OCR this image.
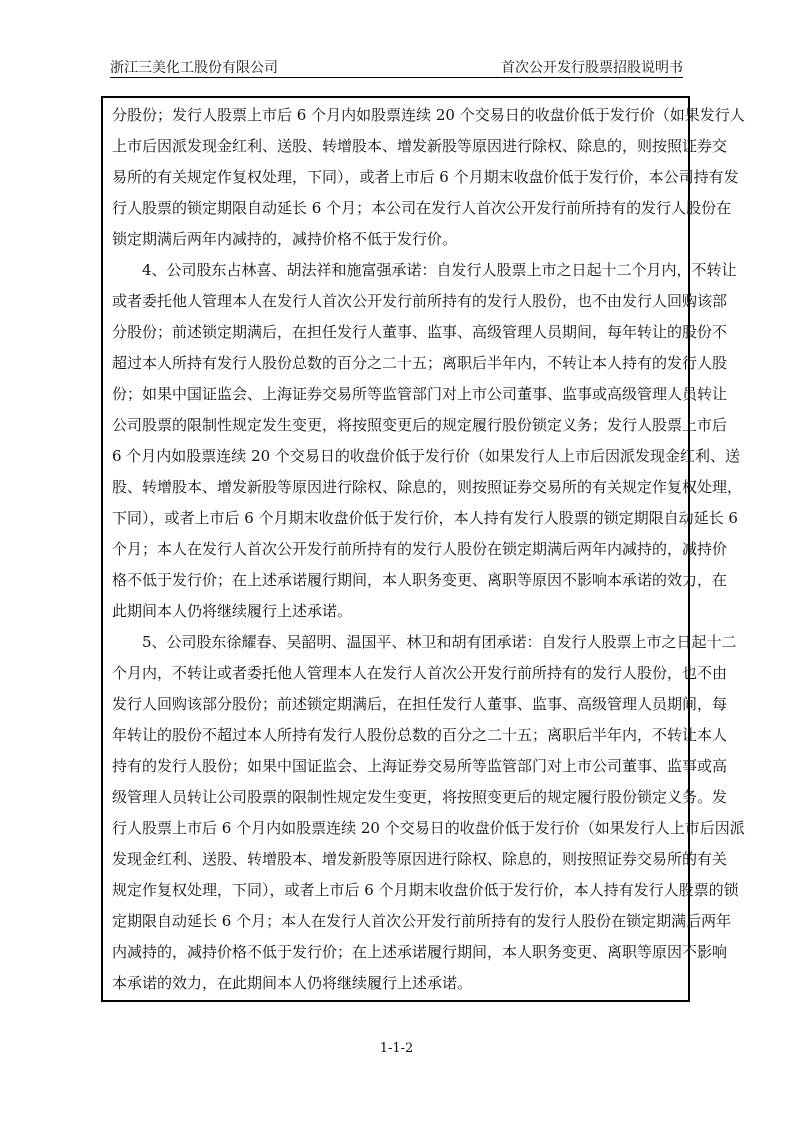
浙江三美化工股份有限公司	首次公开发行股票招股说明书
分股份；发行人股票上市后 6 个月内如股票连续 20 个交易日的收盘价低于发行价（如果发行人
上市后因派发现金红利、送股、转增股本、增发新股等原因进行除权、除息的，则按照证券交
易所的有关规定作复权处理，下同），或者上市后 6 个月期末收盘价低于发行价，本公司持有发
行人股票的锁定期限自动延长 6 个月；本公司在发行人首次公开发行前所持有的发行人股份在
锁定期满后两年内减持的，减持价格不低于发行价。
4、公司股东占林喜、胡法祥和施富强承诺：自发行人股票上市之日起十二个月内，不转让
或者委托他人管理本人在发行人首次公开发行前所持有的发行人股份，也不由发行人回购该部
分股份；前述锁定期满后，在担任发行人董事、监事、高级管理人员期间，每年转让的股份不
超过本人所持有发行人股份总数的百分之二十五；离职后半年内，不转让本人持有的发行人股
份；如果中国证监会、上海证券交易所等监管部门对上市公司董事、监事或高级管理人员转让
公司股票的限制性规定发生变更，将按照变更后的规定履行股份锁定义务；发行人股票上市后
6 个月内如股票连续 20 个交易日的收盘价低于发行价（如果发行人上市后因派发现金红利、送
股、转增股本、增发新股等原因进行除权、除息的，则按照证券交易所的有关规定作复权处理，
下同），或者上市后 6 个月期末收盘价低于发行价，本人持有发行人股票的锁定期限自动延长 6
个月；本人在发行人首次公开发行前所持有的发行人股份在锁定期满后两年内减持的，减持价
格不低于发行价；在上述承诺履行期间，本人职务变更、离职等原因不影响本承诺的效力，在
此期间本人仍将继续履行上述承诺。
5、公司股东徐耀春、吴韶明、温国平、林卫和胡有团承诺：自发行人股票上市之日起十二
个月内，不转让或者委托他人管理本人在发行人首次公开发行前所持有的发行人股份，也不由
发行人回购该部分股份；前述锁定期满后，在担任发行人董事、监事、高级管理人员期间，每
年转让的股份不超过本人所持有发行人股份总数的百分之二十五；离职后半年内，不转让本人
持有的发行人股份；如果中国证监会、上海证券交易所等监管部门对上市公司董事、监事或高
级管理人员转让公司股票的限制性规定发生变更，将按照变更后的规定履行股份锁定义务。发
行人股票上市后 6 个月内如股票连续 20 个交易日的收盘价低于发行价（如果发行人上市后因派
发现金红利、送股、转增股本、增发新股等原因进行除权、除息的，则按照证券交易所的有关
规定作复权处理，下同），或者上市后 6 个月期末收盘价低于发行价，本人持有发行人股票的锁
定期限自动延长 6 个月；本人在发行人首次公开发行前所持有的发行人股份在锁定期满后两年
内减持的，减持价格不低于发行价；在上述承诺履行期间，本人职务变更、离职等原因不影响
本承诺的效力，在此期间本人仍将继续履行上述承诺。
1-1-2
